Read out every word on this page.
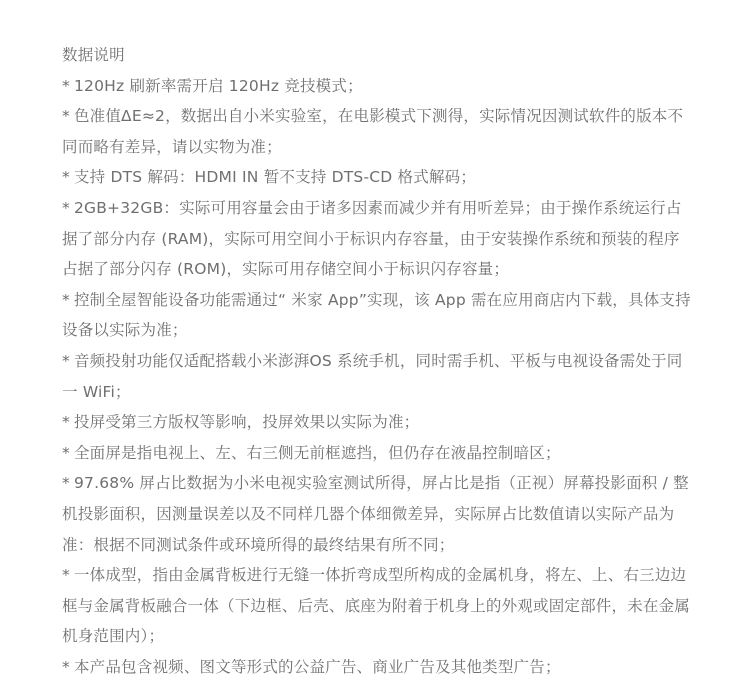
数据说明
* 120Hz 刷新率需开启 120Hz 竞技模式；
* 色准值ΔE≈2，数据出自小米实验室，在电影模式下测得，实际情况因测试软件的版本不同而略有差异，请以实物为准；
* 支持 DTS 解码：HDMI IN 暂不支持 DTS-CD 格式解码；
* 2GB+32GB：实际可用容量会由于诸多因素而减少并有用听差异；由于操作系统运行占据了部分内存 (RAM)，实际可用空间小于标识内存容量，由于安装操作系统和预装的程序占据了部分闪存 (ROM)，实际可用存储空间小于标识闪存容量；
* 控制全屋智能设备功能需通过“ 米家 App”实现，该 App 需在应用商店内下载，具体支持设备以实际为准；
* 音频投射功能仅适配搭载小米澎湃OS 系统手机，同时需手机、平板与电视设备需处于同一 WiFi；
* 投屏受第三方版权等影响，投屏效果以实际为准；
* 全面屏是指电视上、左、右三侧无前框遮挡，但仍存在液晶控制暗区；
* 97.68% 屏占比数据为小米电视实验室测试所得，屏占比是指（正视）屏幕投影面积 / 整机投影面积，因测量误差以及不同样几器个体细微差异，实际屏占比数值请以实际产品为准：根据不同测试条件或环境所得的最终结果有所不同；
* 一体成型，指由金属背板进行无缝一体折弯成型所构成的金属机身，将左、上、右三边边框与金属背板融合一体（下边框、后壳、底座为附着于机身上的外观或固定部件，未在金属机身范围内）；
* 本产品包含视频、图文等形式的公益广告、商业广告及其他类型广告；
